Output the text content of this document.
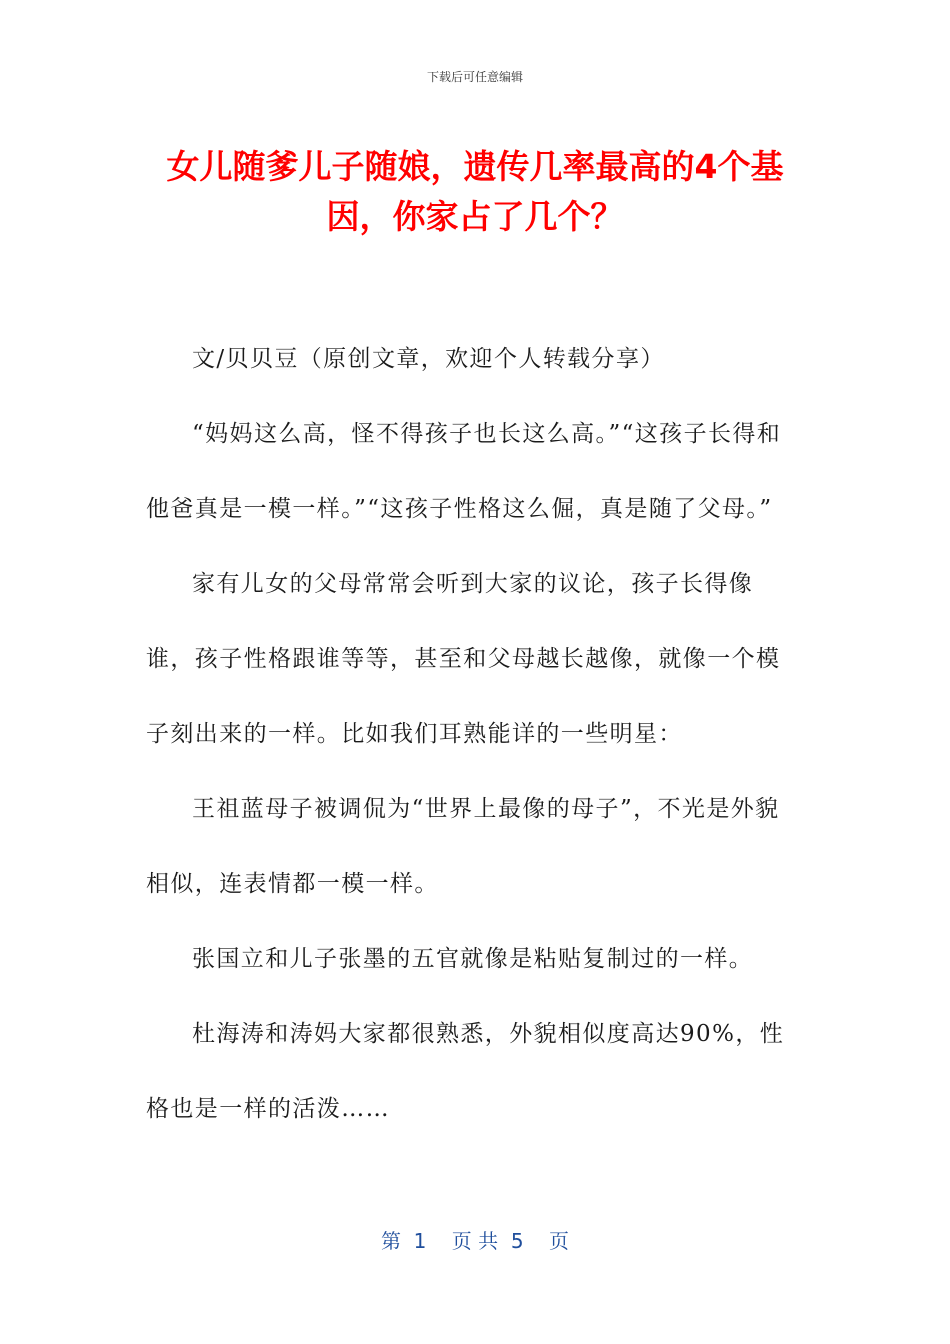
下载后可任意编辑
女儿随爹儿子随娘，遗传几率最高的4个基因，你家占了几个？

文/贝贝豆（原创文章，欢迎个人转载分享）

“妈妈这么高，怪不得孩子也长这么高。”“这孩子长得和他爸真是一模一样。”“这孩子性格这么倔，真是随了父母。”

家有儿女的父母常常会听到大家的议论，孩子长得像谁，孩子性格跟谁等等，甚至和父母越长越像，就像一个模子刻出来的一样。比如我们耳熟能详的一些明星：

王祖蓝母子被调侃为“世界上最像的母子”，不光是外貌相似，连表情都一模一样。

张国立和儿子张墨的五官就像是粘贴复制过的一样。

杜海涛和涛妈大家都很熟悉，外貌相似度高达90%，性格也是一样的活泼……

第  1    页 共  5    页
